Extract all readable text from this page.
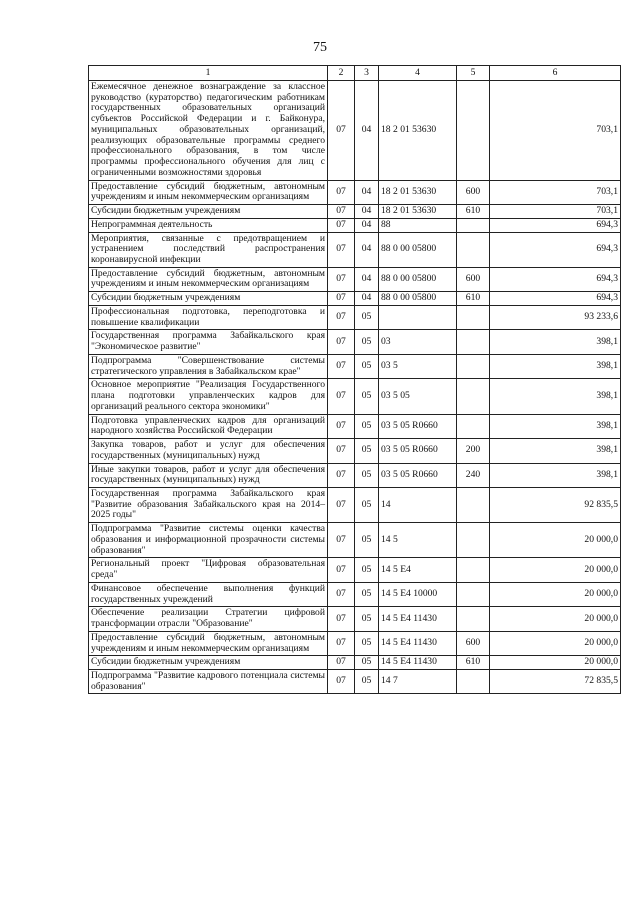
75
1	2	3	4	5	6
Ежемесячное денежное вознаграждение за классное руководство (кураторство) педагогическим работникам государственных образовательных организаций субъектов Российской Федерации и г. Байконура, муниципальных образовательных организаций, реализующих образовательные программы среднего профессионального образования, в том числе программы профессионального обучения для лиц с ограниченными возможностями здоровья	07	04	18 2 01 53630		703,1
Предоставление субсидий бюджетным, автономным учреждениям и иным некоммерческим организациям	07	04	18 2 01 53630	600	703,1
Субсидии бюджетным учреждениям	07	04	18 2 01 53630	610	703,1
Непрограммная деятельность	07	04	88		694,3
Мероприятия, связанные с предотвращением и устранением последствий распространения коронавирусной инфекции	07	04	88 0 00 05800		694,3
Предоставление субсидий бюджетным, автономным учреждениям и иным некоммерческим организациям	07	04	88 0 00 05800	600	694,3
Субсидии бюджетным учреждениям	07	04	88 0 00 05800	610	694,3
Профессиональная подготовка, переподготовка и повышение квалификации	07	05			93 233,6
Государственная программа Забайкальского края "Экономическое развитие"	07	05	03		398,1
Подпрограмма "Совершенствование системы стратегического управления в Забайкальском крае"	07	05	03 5		398,1
Основное мероприятие "Реализация Государственного плана подготовки управленческих кадров для организаций реального сектора экономики"	07	05	03 5 05		398,1
Подготовка управленческих кадров для организаций народного хозяйства Российской Федерации	07	05	03 5 05 R0660		398,1
Закупка товаров, работ и услуг для обеспечения государственных (муниципальных) нужд	07	05	03 5 05 R0660	200	398,1
Иные закупки товаров, работ и услуг для обеспечения государственных (муниципальных) нужд	07	05	03 5 05 R0660	240	398,1
Государственная программа Забайкальского края "Развитие образования Забайкальского края на 2014–2025 годы"	07	05	14		92 835,5
Подпрограмма "Развитие системы оценки качества образования и информационной прозрачности системы образования"	07	05	14 5		20 000,0
Региональный проект "Цифровая образовательная среда"	07	05	14 5 E4		20 000,0
Финансовое обеспечение выполнения функций государственных учреждений	07	05	14 5 E4 10000		20 000,0
Обеспечение реализации Стратегии цифровой трансформации отрасли "Образование"	07	05	14 5 E4 11430		20 000,0
Предоставление субсидий бюджетным, автономным учреждениям и иным некоммерческим организациям	07	05	14 5 E4 11430	600	20 000,0
Субсидии бюджетным учреждениям	07	05	14 5 E4 11430	610	20 000,0
Подпрограмма "Развитие кадрового потенциала системы образования"	07	05	14 7		72 835,5
